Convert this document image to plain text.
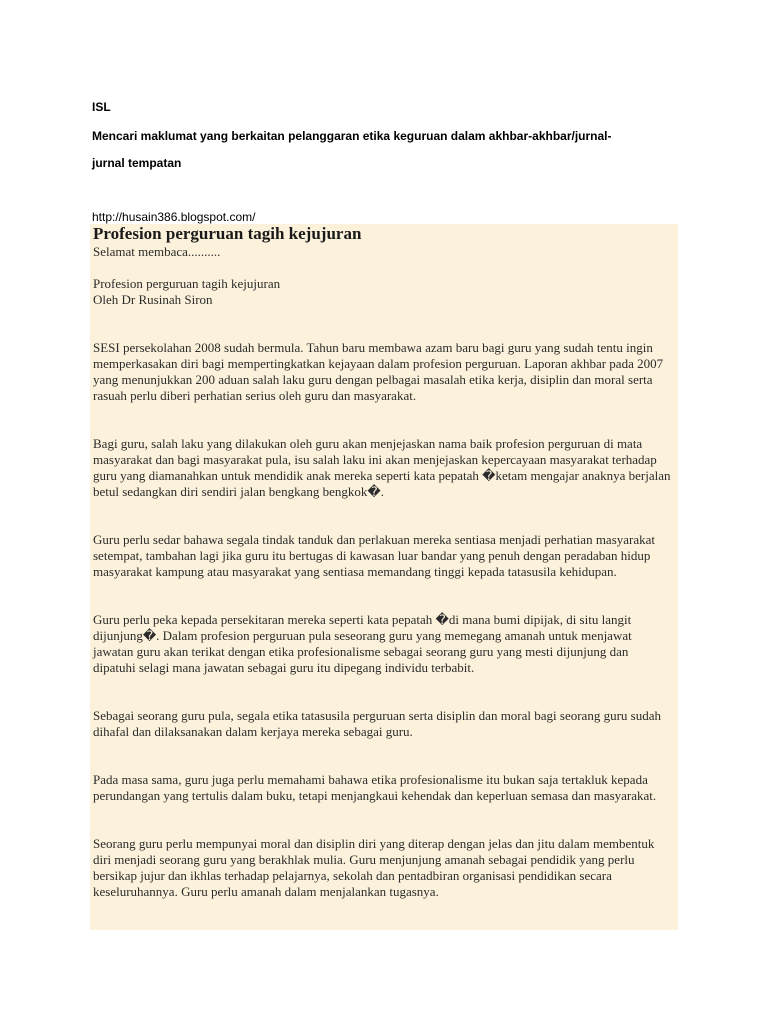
ISL

Mencari maklumat yang berkaitan pelanggaran etika keguruan dalam akhbar-akhbar/jurnal-

jurnal tempatan

http://husain386.blogspot.com/

Profesion perguruan tagih kejujuran

Selamat membaca..........

Profesion perguruan tagih kejujuran

Oleh Dr Rusinah Siron

SESI persekolahan 2008 sudah bermula. Tahun baru membawa azam baru bagi guru yang sudah tentu ingin memperkasakan diri bagi mempertingkatkan kejayaan dalam profesion perguruan. Laporan akhbar pada 2007 yang menunjukkan 200 aduan salah laku guru dengan pelbagai masalah etika kerja, disiplin dan moral serta rasuah perlu diberi perhatian serius oleh guru dan masyarakat.

Bagi guru, salah laku yang dilakukan oleh guru akan menjejaskan nama baik profesion perguruan di mata masyarakat dan bagi masyarakat pula, isu salah laku ini akan menjejaskan kepercayaan masyarakat terhadap guru yang diamanahkan untuk mendidik anak mereka seperti kata pepatah �ketam mengajar anaknya berjalan betul sedangkan diri sendiri jalan bengkang bengkok�.

Guru perlu sedar bahawa segala tindak tanduk dan perlakuan mereka sentiasa menjadi perhatian masyarakat setempat, tambahan lagi jika guru itu bertugas di kawasan luar bandar yang penuh dengan peradaban hidup masyarakat kampung atau masyarakat yang sentiasa memandang tinggi kepada tatasusila kehidupan.

Guru perlu peka kepada persekitaran mereka seperti kata pepatah �di mana bumi dipijak, di situ langit dijunjung�. Dalam profesion perguruan pula seseorang guru yang memegang amanah untuk menjawat jawatan guru akan terikat dengan etika profesionalisme sebagai seorang guru yang mesti dijunjung dan dipatuhi selagi mana jawatan sebagai guru itu dipegang individu terbabit.

Sebagai seorang guru pula, segala etika tatasusila perguruan serta disiplin dan moral bagi seorang guru sudah dihafal dan dilaksanakan dalam kerjaya mereka sebagai guru.

Pada masa sama, guru juga perlu memahami bahawa etika profesionalisme itu bukan saja tertakluk kepada perundangan yang tertulis dalam buku, tetapi menjangkaui kehendak dan keperluan semasa dan masyarakat.

Seorang guru perlu mempunyai moral dan disiplin diri yang diterap dengan jelas dan jitu dalam membentuk diri menjadi seorang guru yang berakhlak mulia. Guru menjunjung amanah sebagai pendidik yang perlu bersikap jujur dan ikhlas terhadap pelajarnya, sekolah dan pentadbiran organisasi pendidikan secara keseluruhannya. Guru perlu amanah dalam menjalankan tugasnya.
